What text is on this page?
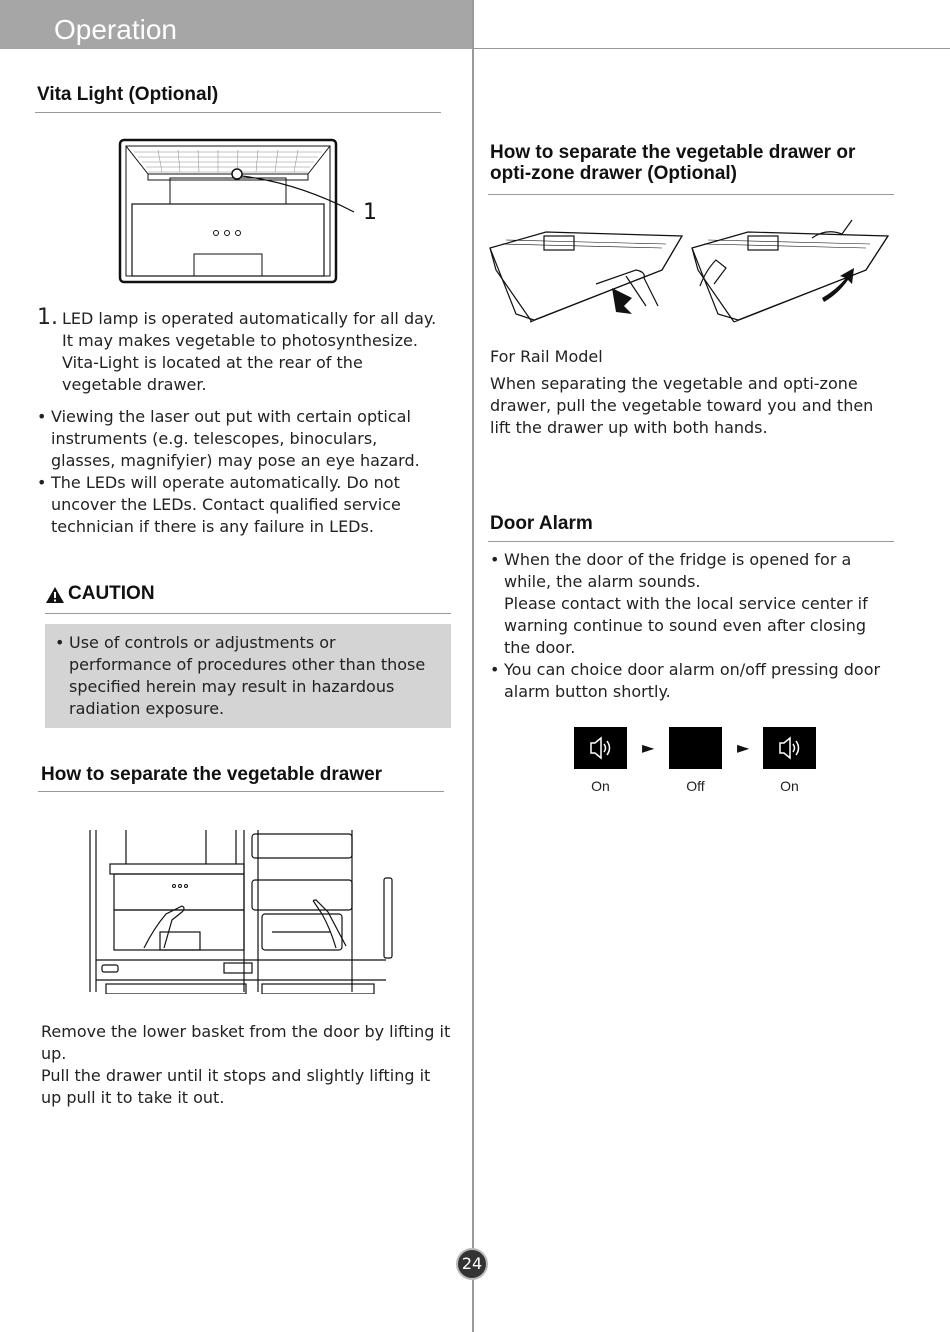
Operation
Vita Light (Optional)
1
1. LED lamp is operated automatically for all day. It may makes vegetable to photosynthesize. Vita-Light is located at the rear of the vegetable drawer.
• Viewing the laser out put with certain optical instruments (e.g. telescopes, binoculars, glasses, magnifyier) may pose an eye hazard.
• The LEDs will operate automatically. Do not uncover the LEDs. Contact qualified service technician if there is any failure in LEDs.
CAUTION
• Use of controls or adjustments or performance of procedures other than those specified herein may result in hazardous radiation exposure.
How to separate the vegetable drawer
Remove the lower basket from the door by lifting it up.
Pull the drawer until it stops and slightly lifting it up pull it to take it out.
How to separate the vegetable drawer or opti-zone drawer (Optional)
For Rail Model
When separating the vegetable and opti-zone drawer, pull the vegetable toward you and then lift the drawer up with both hands.
Door Alarm
• When the door of the fridge is opened for a while, the alarm sounds.
Please contact with the local service center if warning continue to sound even after closing the door.
• You can choice door alarm on/off pressing door alarm button shortly.
►	►
On	Off	On
24
